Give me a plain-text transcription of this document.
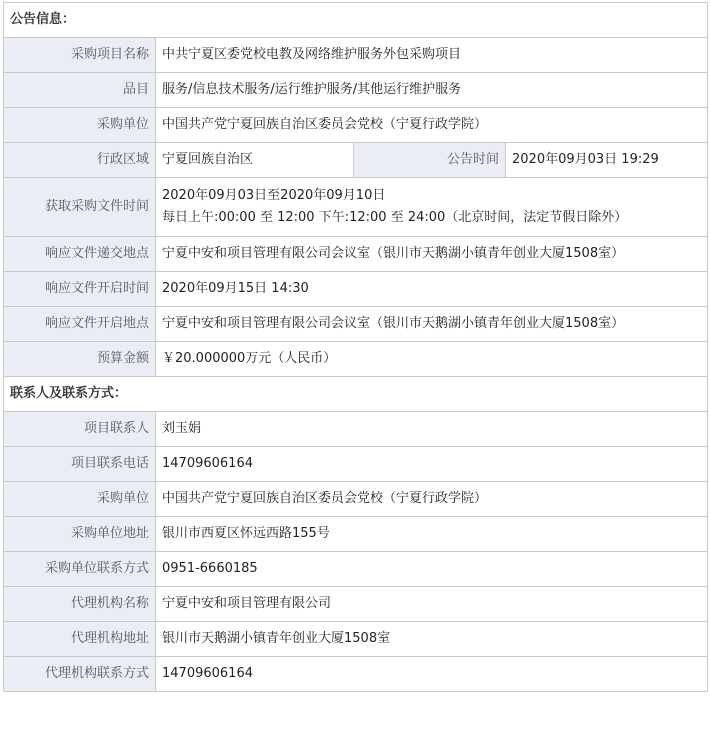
公告信息：			
采购项目名称	中共宁夏区委党校电教及网络维护服务外包采购项目		
品目	服务/信息技术服务/运行维护服务/其他运行维护服务		
采购单位	中国共产党宁夏回族自治区委员会党校（宁夏行政学院）		
行政区域	宁夏回族自治区	公告时间	2020年09月03日 19:29
获取采购文件时间	2020年09月03日至2020年09月10日
每日上午:00:00 至 12:00 下午:12:00 至 24:00（北京时间，法定节假日除外）		

响应文件递交地点	宁夏中安和项目管理有限公司会议室（银川市天鹅湖小镇青年创业大厦1508室）		
响应文件开启时间	2020年09月15日 14:30		
响应文件开启地点	宁夏中安和项目管理有限公司会议室（银川市天鹅湖小镇青年创业大厦1508室）		
预算金额	￥20.000000万元（人民币）		
联系人及联系方式：			
项目联系人	刘玉娟		
项目联系电话	14709606164		
采购单位	中国共产党宁夏回族自治区委员会党校（宁夏行政学院）		
采购单位地址	银川市西夏区怀远西路155号		
采购单位联系方式	0951-6660185		
代理机构名称	宁夏中安和项目管理有限公司		
代理机构地址	银川市天鹅湖小镇青年创业大厦1508室		
代理机构联系方式	14709606164		
